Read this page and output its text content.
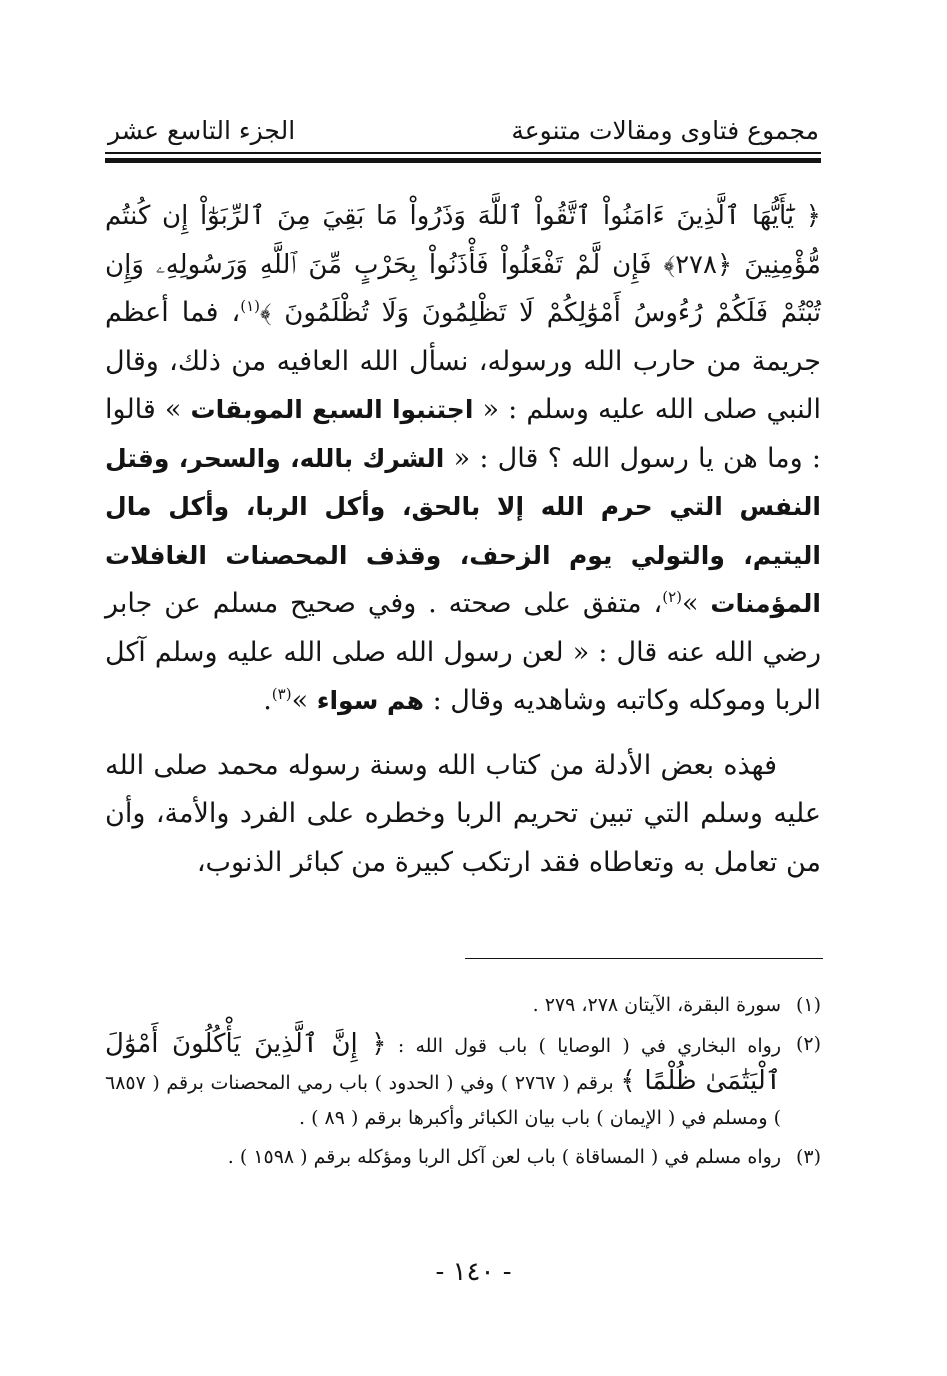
مجموع فتاوى ومقالات متنوعة
الجزء التاسع عشر

﴿ يَٰٓأَيُّهَا ٱلَّذِينَ ءَامَنُواْ ٱتَّقُواْ ٱللَّهَ وَذَرُواْ مَا بَقِيَ مِنَ ٱلرِّبَوٰٓاْ إِن كُنتُم مُّؤْمِنِينَ ﴿٢٧٨﴾ فَإِن لَّمْ تَفْعَلُواْ فَأْذَنُواْ بِحَرْبٍ مِّنَ ٱللَّهِ وَرَسُولِهِۦ وَإِن تُبْتُمْ فَلَكُمْ رُءُوسُ أَمْوَٰلِكُمْ لَا تَظْلِمُونَ وَلَا تُظْلَمُونَ ﴾$^{(١)}$، فما أعظم جريمة من حارب الله ورسوله، نسأل الله العافيه من ذلك، وقال النبي صلى الله عليه وسلم : « اجتنبوا السبع الموبقات » قالوا : وما هن يا رسول الله ؟ قال : « الشرك بالله، والسحر، وقتل النفس التي حرم الله إلا بالحق، وأكل الربا، وأكل مال اليتيم، والتولي يوم الزحف، وقذف المحصنات الغافلات المؤمنات »$^{(٢)}$، متفق على صحته . وفي صحيح مسلم عن جابر رضي الله عنه قال : « لعن رسول الله صلى الله عليه وسلم آكل الربا وموكله وكاتبه وشاهديه وقال : هم سواء »$^{(٣)}$.

فهذه بعض الأدلة من كتاب الله وسنة رسوله محمد صلى الله عليه وسلم التي تبين تحريم الربا وخطره على الفرد والأمة، وأن من تعامل به وتعاطاه فقد ارتكب كبيرة من كبائر الذنوب،

(١)
سورة البقرة، الآيتان ٢٧٨، ٢٧٩ .
(٢)
رواه البخاري في ( الوصايا ) باب قول الله : ﴿ إِنَّ ٱلَّذِينَ يَأْكُلُونَ أَمْوَٰلَ ٱلْيَتَٰمَىٰ ظُلْمًا ﴾ برقم ( ٢٧٦٧ ) وفي ( الحدود ) باب رمي المحصنات برقم ( ٦٨٥٧ ) ومسلم في ( الإيمان ) باب بيان الكبائر وأكبرها برقم ( ٨٩ ) .
(٣)
رواه مسلم في ( المساقاة ) باب لعن آكل الربا ومؤكله برقم ( ١٥٩٨ ) .
- ١٤٠ -
